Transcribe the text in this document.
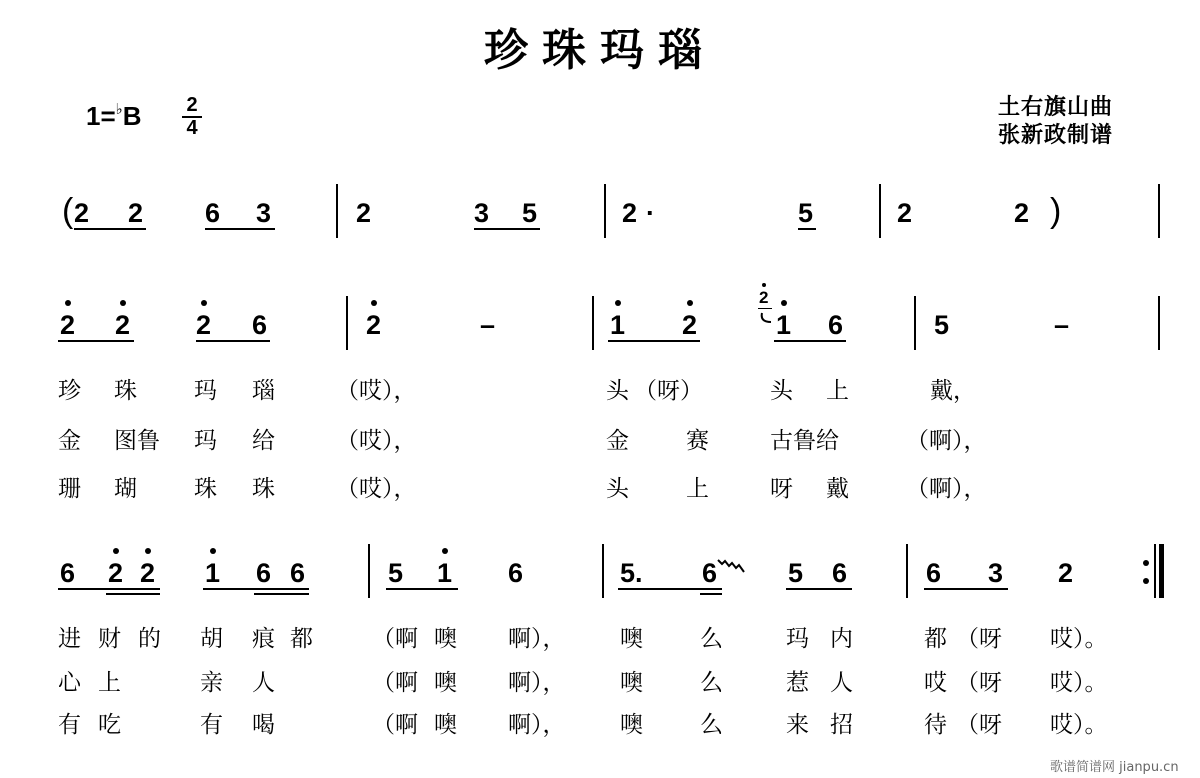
珍珠玛瑙
1=♭B	2
4
土右旗山曲
张新政制谱
( 2 2 6 3	2	3 5	2 ·	5	2	2 )
2 2 2 6	2	–	1 2
2
1 6	5	–
珍 珠 玛 瑙	（哎），	头 （呀）	头 上	戴，
金 图鲁 玛 给	（哎），	金 赛	古鲁给	（啊），
珊 瑚 珠 珠	（哎），	头 上	呀 戴 （啊），
6 2 2 1 6 6	5 1 6	5. 6	5 6	6 3 2
进 财 的 胡 痕 都	（啊 噢 啊）， 噢 么	玛 内	都 （呀 哎）。
心 上	亲 人	（啊 噢 啊）， 噢 么	惹 人	哎 （呀 哎）。
有 吃	有 喝	（啊 噢 啊）， 噢 么	来 招	待 （呀 哎）。
歌谱简谱网 jianpu.cn
